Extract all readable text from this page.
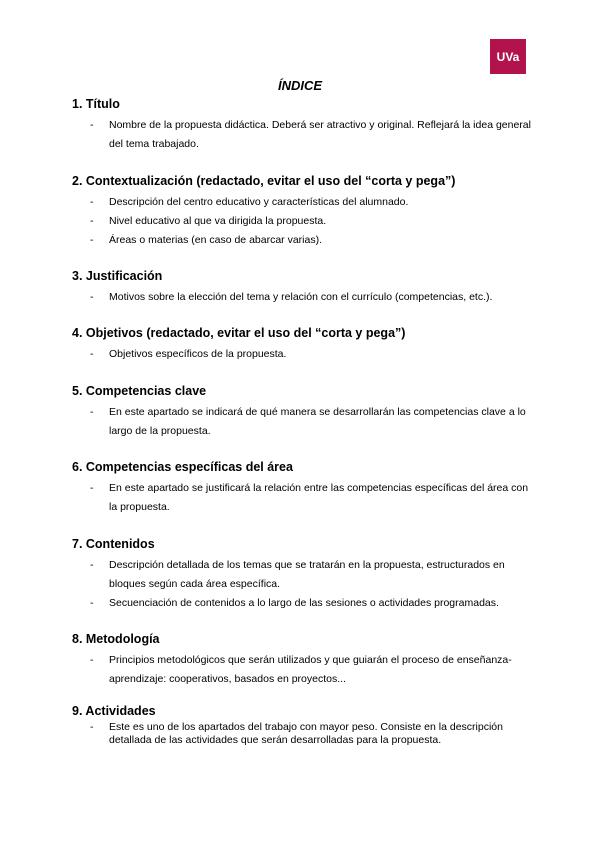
UVa
ÍNDICE
1. Título
- Nombre de la propuesta didáctica. Deberá ser atractivo y original. Reflejará la idea general del tema trabajado.
2. Contextualización (redactado, evitar el uso del “corta y pega”)
- Descripción del centro educativo y características del alumnado.
- Nivel educativo al que va dirigida la propuesta.
- Áreas o materias (en caso de abarcar varias).
3. Justificación
- Motivos sobre la elección del tema y relación con el currículo (competencias, etc.).
4. Objetivos (redactado, evitar el uso del “corta y pega”)
- Objetivos específicos de la propuesta.
5. Competencias clave
- En este apartado se indicará de qué manera se desarrollarán las competencias clave a lo largo de la propuesta.
6. Competencias específicas del área
- En este apartado se justificará la relación entre las competencias específicas del área con la propuesta.
7. Contenidos
- Descripción detallada de los temas que se tratarán en la propuesta, estructurados en bloques según cada área específica.
- Secuenciación de contenidos a lo largo de las sesiones o actividades programadas.
8. Metodología
- Principios metodológicos que serán utilizados y que guiarán el proceso de enseñanza-aprendizaje: cooperativos, basados en proyectos...
9. Actividades
- Este es uno de los apartados del trabajo con mayor peso. Consiste en la descripción detallada de las actividades que serán desarrolladas para la propuesta.
